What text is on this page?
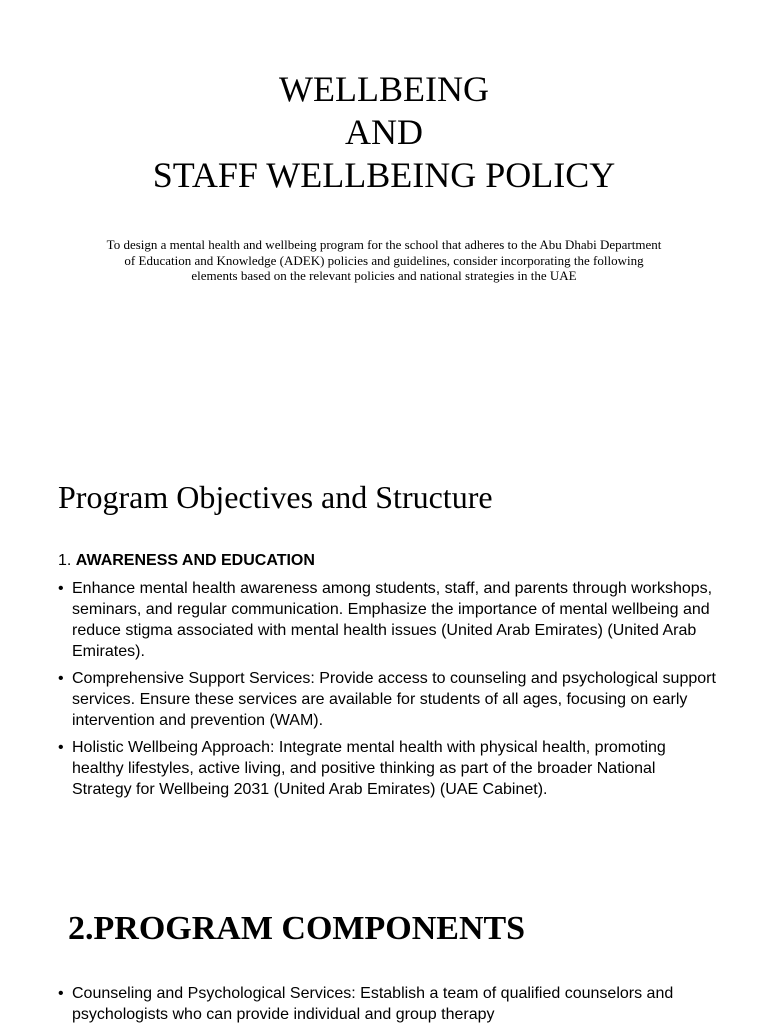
WELLBEING
AND
STAFF WELLBEING POLICY

To design a mental health and wellbeing program for the school that adheres to the Abu Dhabi Department of Education and Knowledge (ADEK) policies and guidelines, consider incorporating the following elements based on the relevant policies and national strategies in the UAE

Program Objectives and Structure
1. AWARENESS AND EDUCATION
• Enhance mental health awareness among students, staff, and parents through workshops, seminars, and regular communication. Emphasize the importance of mental wellbeing and reduce stigma associated with mental health issues (United Arab Emirates) (United Arab Emirates).
• Comprehensive Support Services: Provide access to counseling and psychological support services. Ensure these services are available for students of all ages, focusing on early intervention and prevention (WAM).
• Holistic Wellbeing Approach: Integrate mental health with physical health, promoting healthy lifestyles, active living, and positive thinking as part of the broader National Strategy for Wellbeing 2031 (United Arab Emirates) (UAE Cabinet).
2.PROGRAM COMPONENTS
• Counseling and Psychological Services: Establish a team of qualified counselors and psychologists who can provide individual and group therapy
